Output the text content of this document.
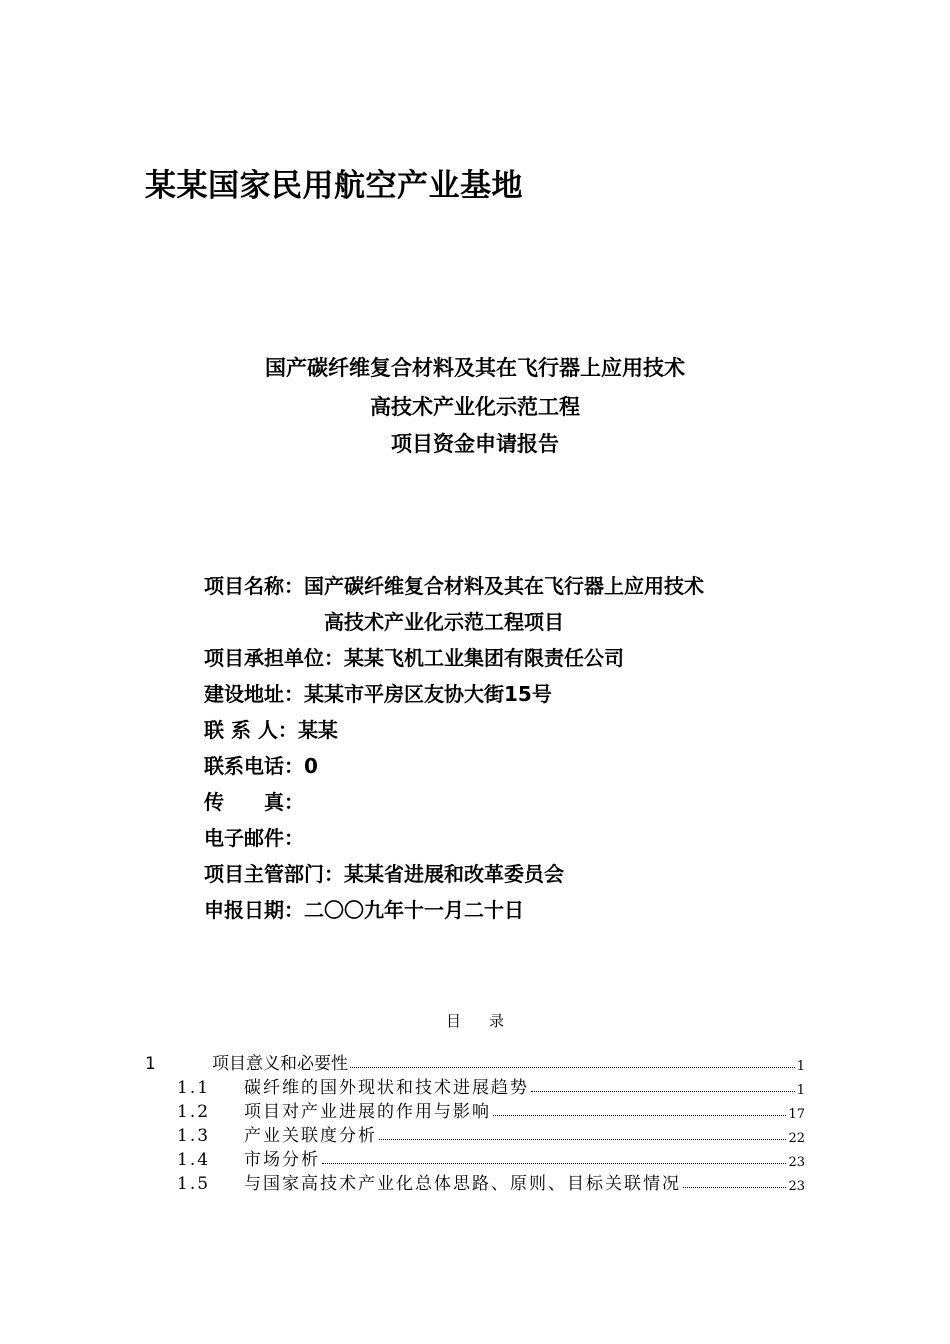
某某国家民用航空产业基地
国产碳纤维复合材料及其在飞行器上应用技术
高技术产业化示范工程
项目资金申请报告
项目名称：国产碳纤维复合材料及其在飞行器上应用技术
高技术产业化示范工程项目
项目承担单位：某某飞机工业集团有限责任公司
建设地址：某某市平房区友协大街15号
联 系 人：某某
联系电话：0
传　　真：
电子邮件：
项目主管部门：某某省进展和改革委员会
申报日期：二〇〇九年十一月二十日
目 录
1	项目意义和必要性	1
1.1	碳纤维的国外现状和技术进展趋势	1
1.2	项目对产业进展的作用与影响	17
1.3	产业关联度分析	22
1.4	市场分析	23
1.5	与国家高技术产业化总体思路、原则、目标关联情况	23
